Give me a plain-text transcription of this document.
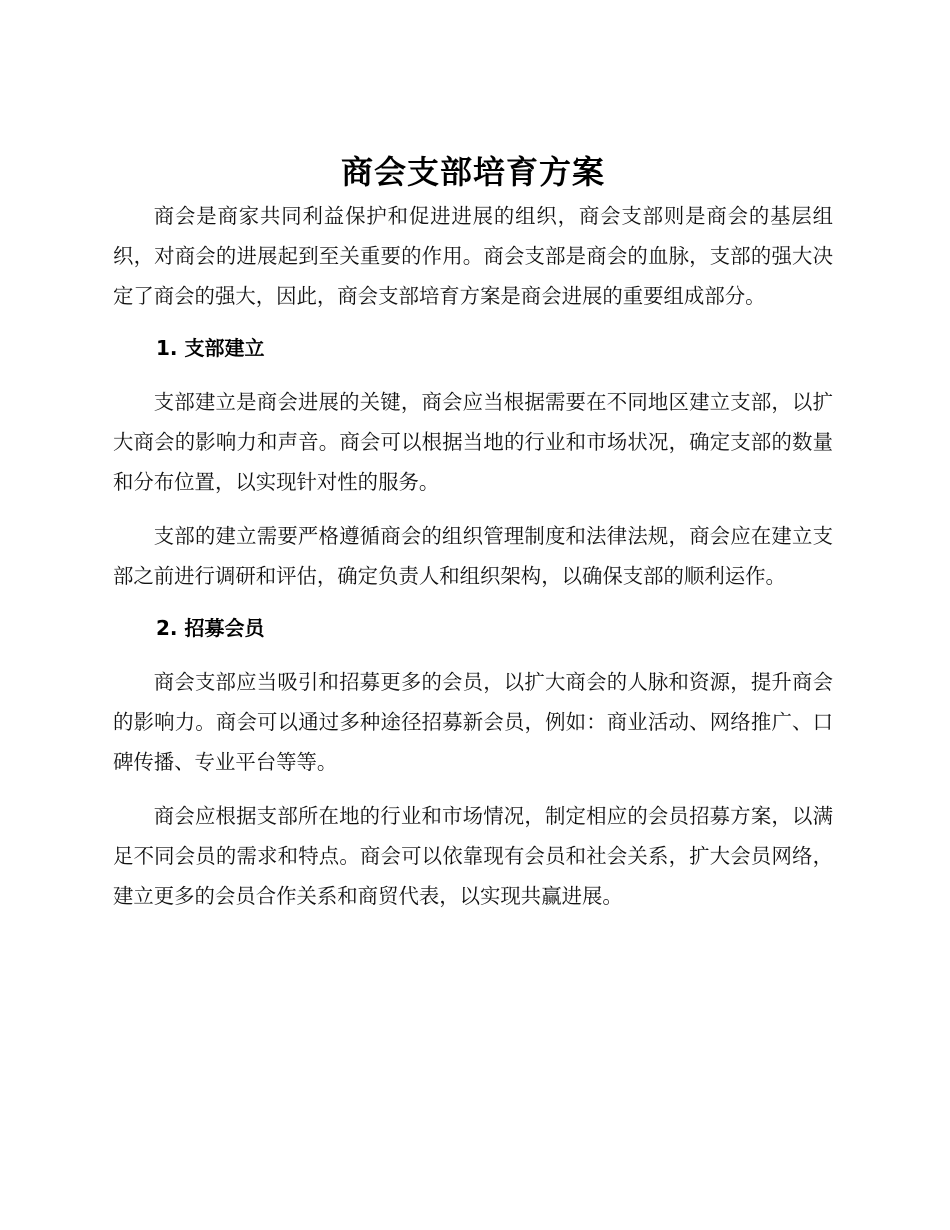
商会支部培育方案

商会是商家共同利益保护和促进进展的组织，商会支部则是商会的基层组织，对商会的进展起到至关重要的作用。商会支部是商会的血脉，支部的强大决定了商会的强大，因此，商会支部培育方案是商会进展的重要组成部分。

1. 支部建立

支部建立是商会进展的关键，商会应当根据需要在不同地区建立支部，以扩大商会的影响力和声音。商会可以根据当地的行业和市场状况，确定支部的数量和分布位置，以实现针对性的服务。

支部的建立需要严格遵循商会的组织管理制度和法律法规，商会应在建立支部之前进行调研和评估，确定负责人和组织架构，以确保支部的顺利运作。

2. 招募会员

商会支部应当吸引和招募更多的会员，以扩大商会的人脉和资源，提升商会的影响力。商会可以通过多种途径招募新会员，例如：商业活动、网络推广、口碑传播、专业平台等等。

商会应根据支部所在地的行业和市场情况，制定相应的会员招募方案，以满足不同会员的需求和特点。商会可以依靠现有会员和社会关系，扩大会员网络，建立更多的会员合作关系和商贸代表，以实现共赢进展。
